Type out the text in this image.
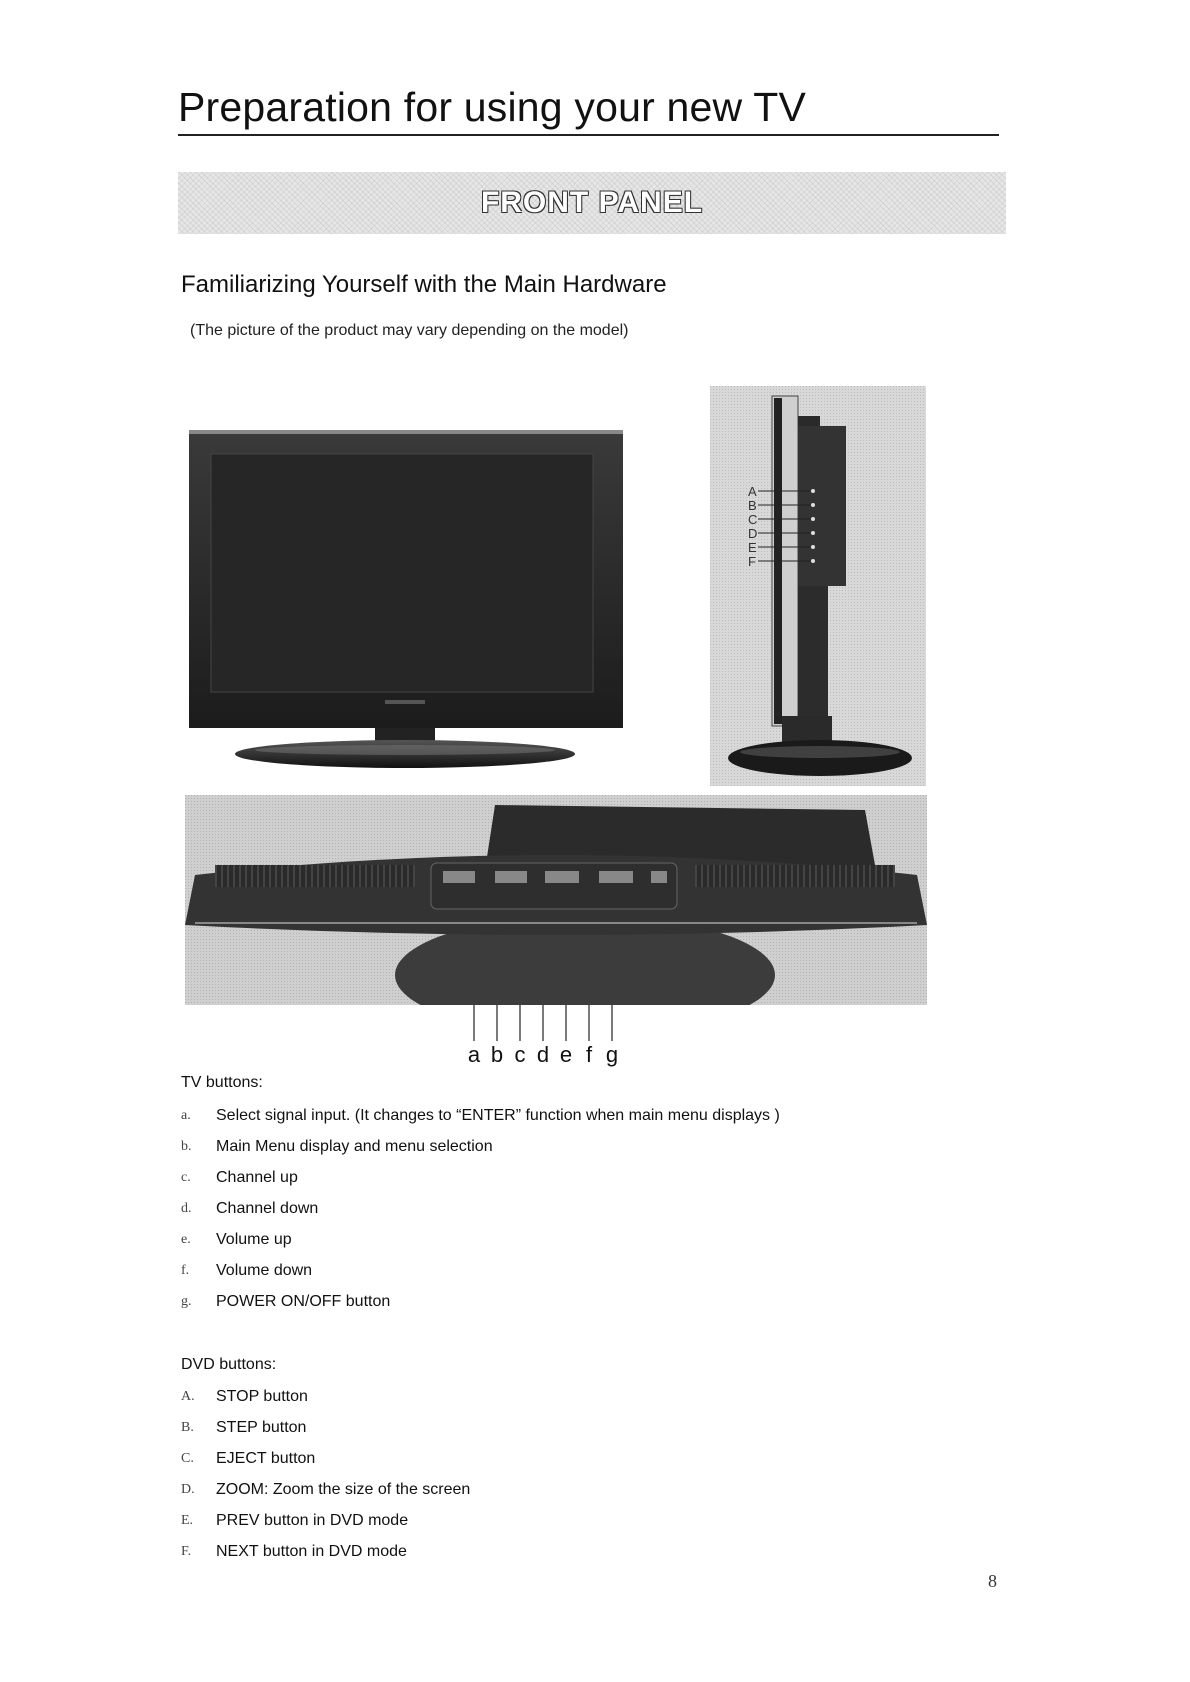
Preparation for using your new TV
FRONT PANEL
Familiarizing Yourself with the Main Hardware
(The picture of the product may vary depending on the model)
A
B
C
D
E
F
a b c d e f g
TV buttons:
a. Select signal input. (It changes to “ENTER” function when main menu displays )
b. Main Menu display and menu selection
c. Channel up
d. Channel down
e. Volume up
f. Volume down
g. POWER ON/OFF button
DVD buttons:
A. STOP button
B. STEP button
C. EJECT button
D. ZOOM: Zoom the size of the screen
E. PREV button in DVD mode
F. NEXT button in DVD mode
8
